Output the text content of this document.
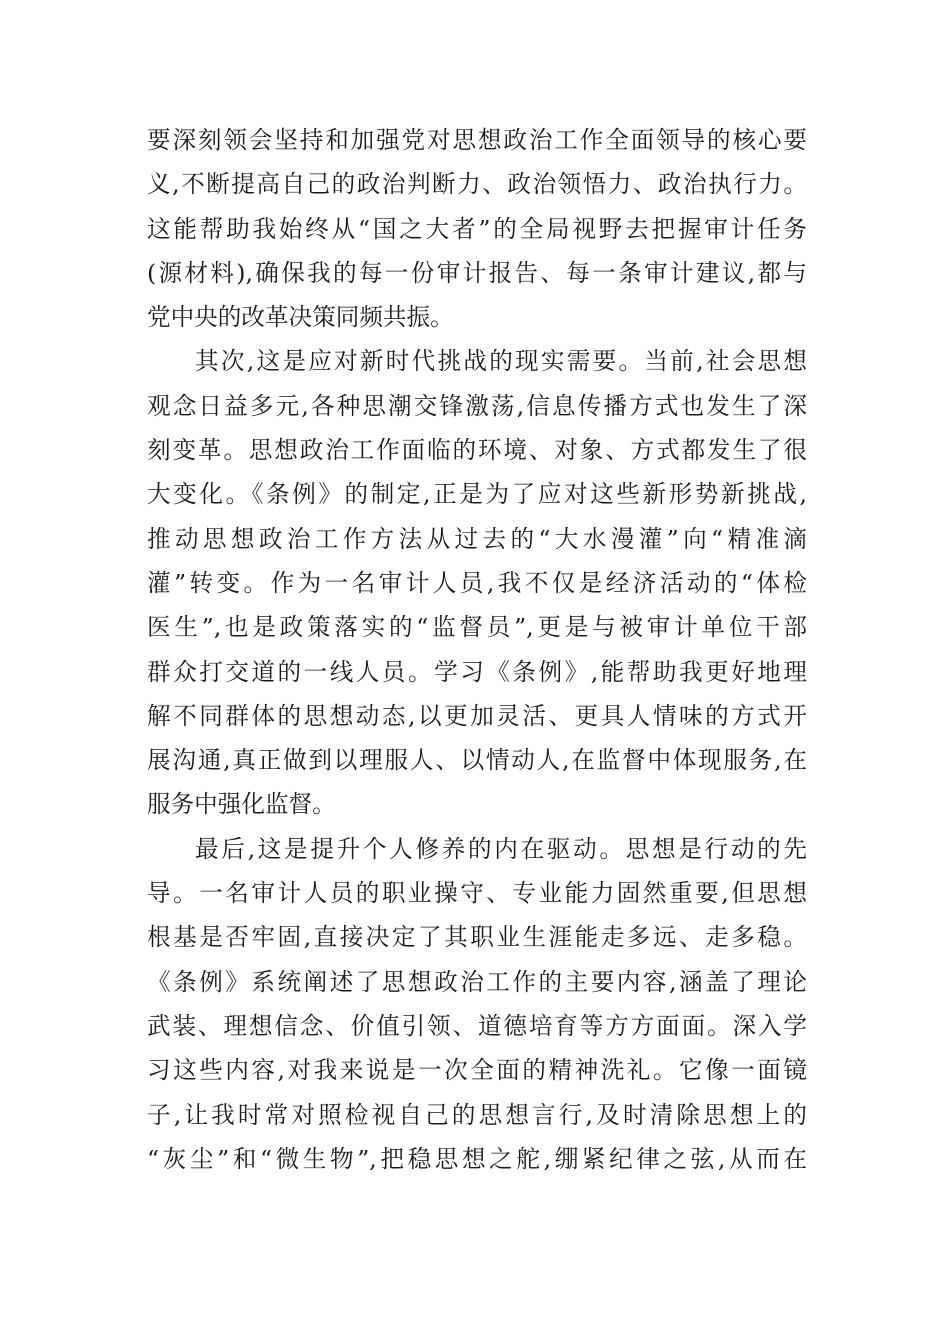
要深刻领会坚持和加强党对思想政治工作全面领导的核心要
义,不断提高自己的政治判断力、政治领悟力、政治执行力。
这能帮助我始终从“国之大者”的全局视野去把握审计任务
(源材料),确保我的每一份审计报告、每一条审计建议,都与
党中央的改革决策同频共振。
其次,这是应对新时代挑战的现实需要。当前,社会思想
观念日益多元,各种思潮交锋激荡,信息传播方式也发生了深
刻变革。思想政治工作面临的环境、对象、方式都发生了很
大变化。《条例》的制定,正是为了应对这些新形势新挑战,
推动思想政治工作方法从过去的“大水漫灌”向“精准滴
灌”转变。作为一名审计人员,我不仅是经济活动的“体检
医生”,也是政策落实的“监督员”,更是与被审计单位干部
群众打交道的一线人员。学习《条例》,能帮助我更好地理
解不同群体的思想动态,以更加灵活、更具人情味的方式开
展沟通,真正做到以理服人、以情动人,在监督中体现服务,在
服务中强化监督。
最后,这是提升个人修养的内在驱动。思想是行动的先
导。一名审计人员的职业操守、专业能力固然重要,但思想
根基是否牢固,直接决定了其职业生涯能走多远、走多稳。
《条例》系统阐述了思想政治工作的主要内容,涵盖了理论
武装、理想信念、价值引领、道德培育等方方面面。深入学
习这些内容,对我来说是一次全面的精神洗礼。它像一面镜
子,让我时常对照检视自己的思想言行,及时清除思想上的
“灰尘”和“微生物”,把稳思想之舵,绷紧纪律之弦,从而在
